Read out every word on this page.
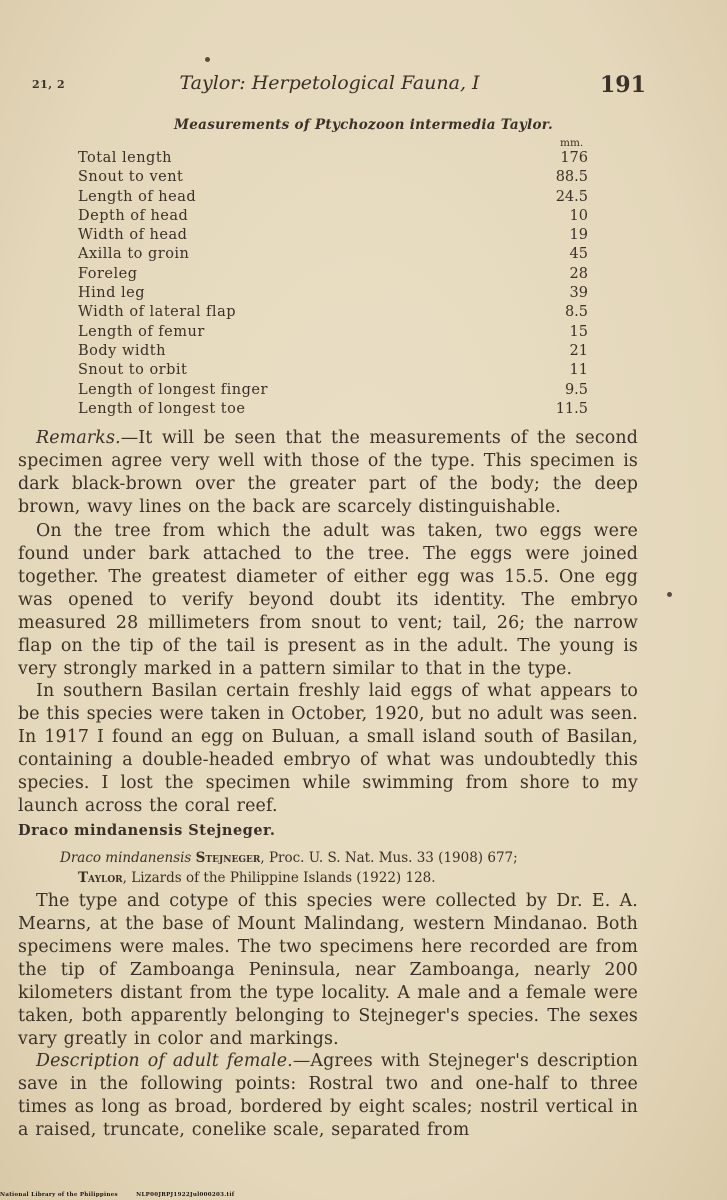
21, 2	Taylor: Herpetological Fauna, I	191
Measurements of Ptychozoon intermedia Taylor.
mm.
Total length	176
Snout to vent	88.5
Length of head	24.5
Depth of head	10
Width of head	19
Axilla to groin	45
Foreleg	28
Hind leg	39
Width of lateral flap	8.5
Length of femur	15
Body width	21
Snout to orbit	11
Length of longest finger	9.5
Length of longest toe	11.5

Remarks.—It will be seen that the measurements of the second specimen agree very well with those of the type. This specimen is dark black-brown over the greater part of the body; the deep brown, wavy lines on the back are scarcely distinguishable.

On the tree from which the adult was taken, two eggs were found under bark attached to the tree. The eggs were joined together. The greatest diameter of either egg was 15.5. One egg was opened to verify beyond doubt its identity. The embryo measured 28 millimeters from snout to vent; tail, 26; the narrow flap on the tip of the tail is present as in the adult. The young is very strongly marked in a pattern similar to that in the type.

In southern Basilan certain freshly laid eggs of what appears to be this species were taken in October, 1920, but no adult was seen. In 1917 I found an egg on Buluan, a small island south of Basilan, containing a double-headed embryo of what was undoubtedly this species. I lost the specimen while swimming from shore to my launch across the coral reef.

Draco mindanensis Stejneger.
Draco mindanensis Stejneger, Proc. U. S. Nat. Mus. 33 (1908) 677;
Taylor, Lizards of the Philippine Islands (1922) 128.

The type and cotype of this species were collected by Dr. E. A. Mearns, at the base of Mount Malindang, western Mindanao. Both specimens were males. The two specimens here recorded are from the tip of Zamboanga Peninsula, near Zamboanga, nearly 200 kilometers distant from the type locality. A male and a female were taken, both apparently belonging to Stejneger's species. The sexes vary greatly in color and markings.

Description of adult female.—Agrees with Stejneger's description save in the following points: Rostral two and one-half to three times as long as broad, bordered by eight scales; nostril vertical in a raised, truncate, conelike scale, separated from

National Library of the Philippines	NLP00JRPJ1922Jul000203.tif
